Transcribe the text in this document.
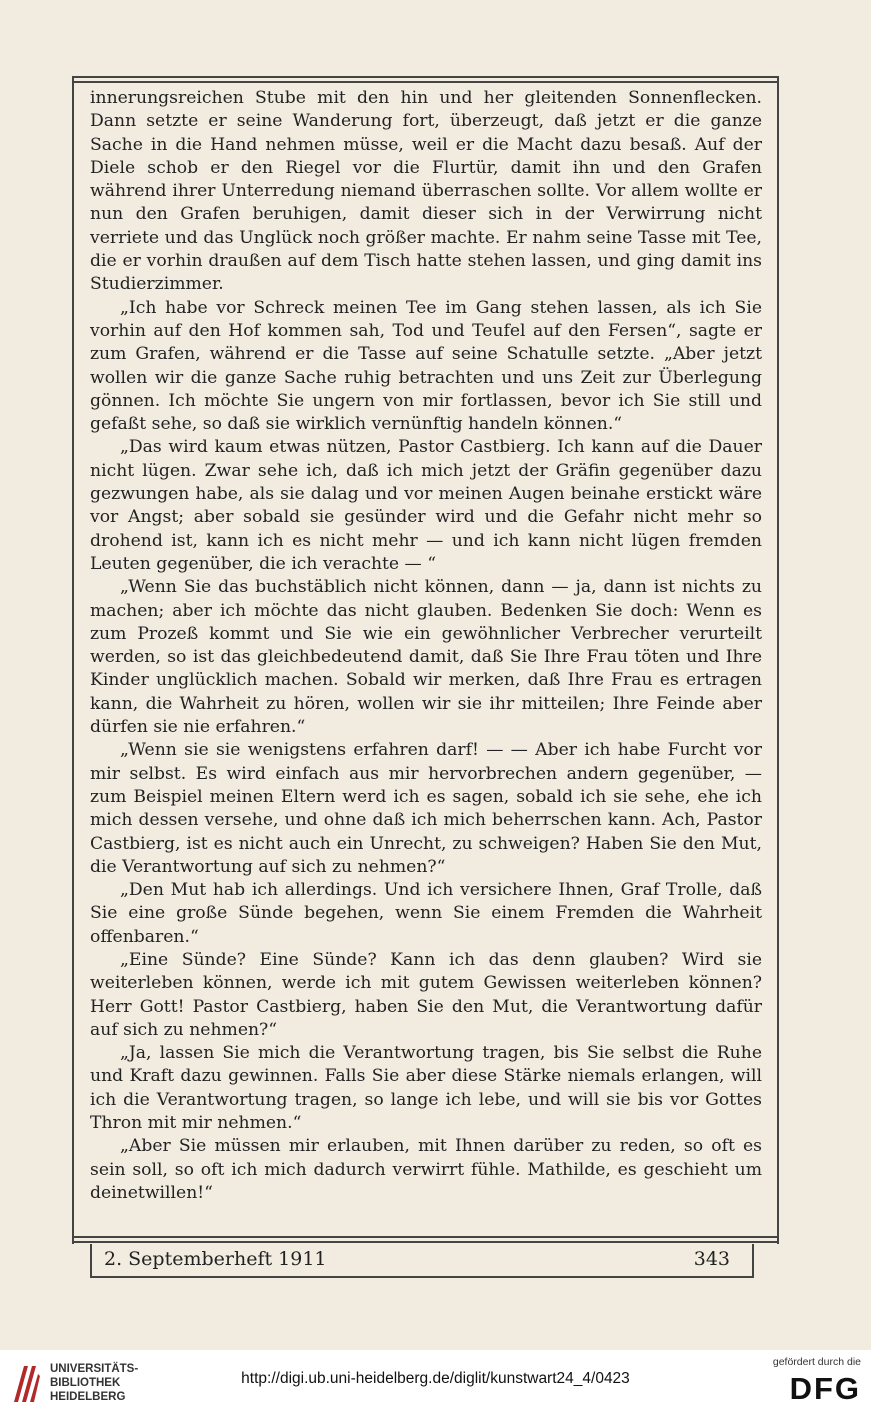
innerungsreichen Stube mit den hin und her gleitenden Sonnenflecken. Dann setzte er seine Wanderung fort, überzeugt, daß jetzt er die ganze Sache in die Hand nehmen müsse, weil er die Macht dazu besaß. Auf der Diele schob er den Riegel vor die Flurtür, damit ihn und den Grafen während ihrer Unterredung niemand überraschen sollte. Vor allem wollte er nun den Grafen beruhigen, damit dieser sich in der Verwirrung nicht verriete und das Unglück noch größer machte. Er nahm seine Tasse mit Tee, die er vorhin draußen auf dem Tisch hatte stehen lassen, und ging damit ins Studierzimmer.

„Ich habe vor Schreck meinen Tee im Gang stehen lassen, als ich Sie vorhin auf den Hof kommen sah, Tod und Teufel auf den Fersen“, sagte er zum Grafen, während er die Tasse auf seine Schatulle setzte. „Aber jetzt wollen wir die ganze Sache ruhig betrachten und uns Zeit zur Überlegung gönnen. Ich möchte Sie ungern von mir fortlassen, bevor ich Sie still und gefaßt sehe, so daß sie wirklich vernünftig handeln können.“

„Das wird kaum etwas nützen, Pastor Castbierg. Ich kann auf die Dauer nicht lügen. Zwar sehe ich, daß ich mich jetzt der Gräfin gegenüber dazu gezwungen habe, als sie dalag und vor meinen Augen beinahe erstickt wäre vor Angst; aber sobald sie gesünder wird und die Gefahr nicht mehr so drohend ist, kann ich es nicht mehr — und ich kann nicht lügen fremden Leuten gegenüber, die ich verachte — “

„Wenn Sie das buchstäblich nicht können, dann — ja, dann ist nichts zu machen; aber ich möchte das nicht glauben. Bedenken Sie doch: Wenn es zum Prozeß kommt und Sie wie ein gewöhnlicher Verbrecher verurteilt werden, so ist das gleichbedeutend damit, daß Sie Ihre Frau töten und Ihre Kinder unglücklich machen. Sobald wir merken, daß Ihre Frau es ertragen kann, die Wahrheit zu hören, wollen wir sie ihr mitteilen; Ihre Feinde aber dürfen sie nie erfahren.“

„Wenn sie sie wenigstens erfahren darf! — — Aber ich habe Furcht vor mir selbst. Es wird einfach aus mir hervorbrechen andern gegenüber, — zum Beispiel meinen Eltern werd ich es sagen, sobald ich sie sehe, ehe ich mich dessen versehe, und ohne daß ich mich beherrschen kann. Ach, Pastor Castbierg, ist es nicht auch ein Unrecht, zu schweigen? Haben Sie den Mut, die Verantwortung auf sich zu nehmen?“

„Den Mut hab ich allerdings. Und ich versichere Ihnen, Graf Trolle, daß Sie eine große Sünde begehen, wenn Sie einem Fremden die Wahrheit offenbaren.“

„Eine Sünde? Eine Sünde? Kann ich das denn glauben? Wird sie weiterleben können, werde ich mit gutem Gewissen weiterleben können? Herr Gott! Pastor Castbierg, haben Sie den Mut, die Verantwortung dafür auf sich zu nehmen?“

„Ja, lassen Sie mich die Verantwortung tragen, bis Sie selbst die Ruhe und Kraft dazu gewinnen. Falls Sie aber diese Stärke niemals erlangen, will ich die Verantwortung tragen, so lange ich lebe, und will sie bis vor Gottes Thron mit mir nehmen.“

„Aber Sie müssen mir erlauben, mit Ihnen darüber zu reden, so oft es sein soll, so oft ich mich dadurch verwirrt fühle. Mathilde, es geschieht um deinetwillen!“

2. Septemberheft 1911	343
UNIVERSITÄTS-
BIBLIOTHEK
HEIDELBERG
http://digi.ub.uni-heidelberg.de/diglit/kunstwart24_4/0423
gefördert durch die
DFG
